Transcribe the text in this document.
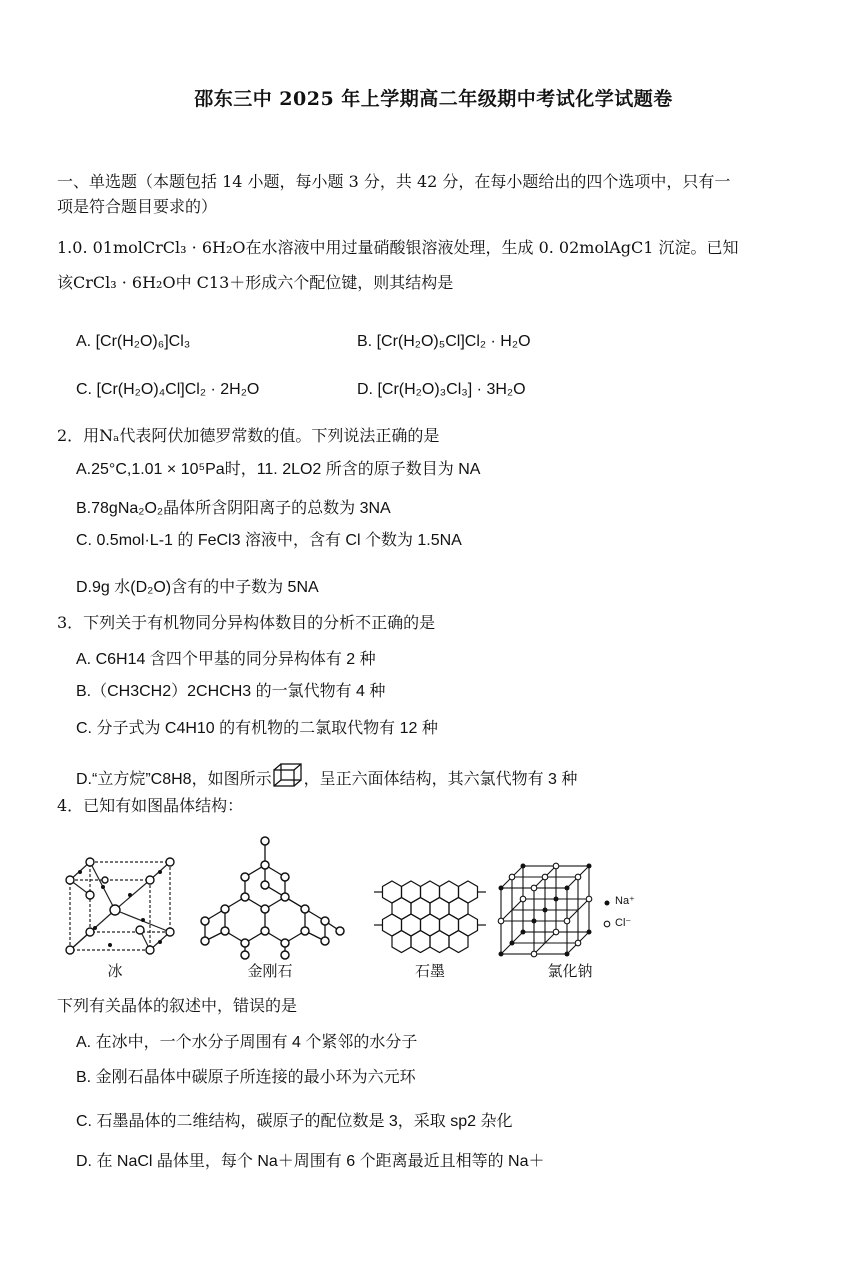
邵东三中 2025 年上学期高二年级期中考试化学试题卷
一、单选题（本题包括 14 小题，每小题 3 分，共 42 分，在每小题给出的四个选项中，只有一
项是符合题目要求的）
1.0. 01molCrCl₃ · 6H₂O在水溶液中用过量硝酸银溶液处理，生成 0. 02molAgC1 沉淀。已知
该CrCl₃ · 6H₂O中 C13＋形成六个配位键，则其结构是
A. [Cr(H₂O)₆]Cl₃	B. [Cr(H₂O)₅Cl]Cl₂ · H₂O
C. [Cr(H₂O)₄Cl]Cl₂ · 2H₂O	D. [Cr(H₂O)₃Cl₃] · 3H₂O
2．用Nₐ代表阿伏加德罗常数的值。下列说法正确的是
A.25°C,1.01 × 10⁵Pa时，11. 2LO2 所含的原子数目为 NA
B.78gNa₂O₂晶体所含阴阳离子的总数为 3NA
C. 0.5mol·L-1 的 FeCl3 溶液中，含有 Cl 个数为 1.5NA
D.9g 水(D₂O)含有的中子数为 5NA
3．下列关于有机物同分异构体数目的分析不正确的是
A. C6H14 含四个甲基的同分异构体有 2 种
B.（CH3CH2）2CHCH3 的一氯代物有 4 种
C. 分子式为 C4H10 的有机物的二氯取代物有 12 种
D.“立方烷”C8H8，如图所示 ，呈正六面体结构，其六氯代物有 3 种
4．已知有如图晶体结构：
冰	金刚石	石墨
Na⁺
Cl⁻
氯化钠
下列有关晶体的叙述中，错误的是
A. 在冰中，一个水分子周围有 4 个紧邻的水分子
B. 金刚石晶体中碳原子所连接的最小环为六元环
C. 石墨晶体的二维结构，碳原子的配位数是 3，采取 sp2 杂化
D. 在 NaCl 晶体里，每个 Na＋周围有 6 个距离最近且相等的 Na＋
